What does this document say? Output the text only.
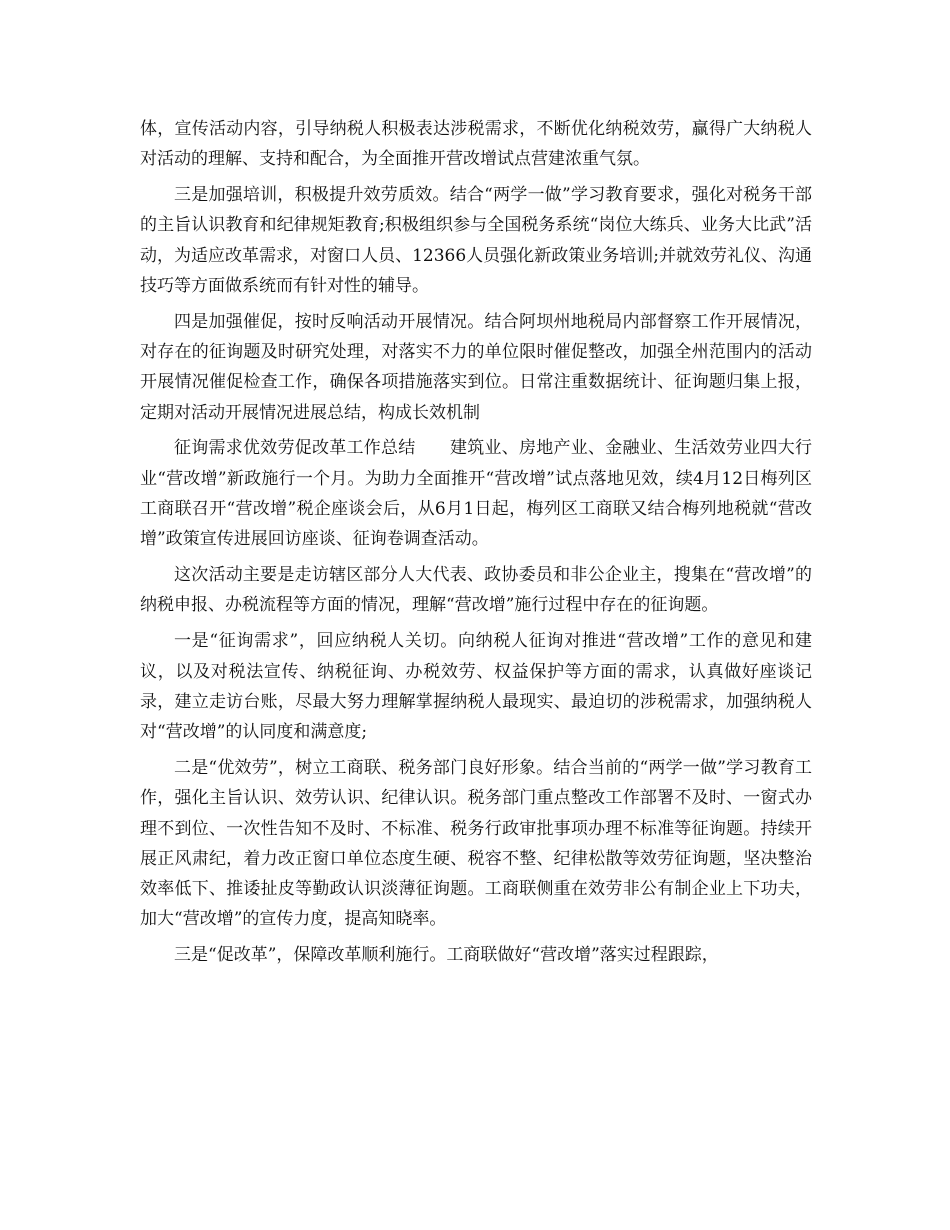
体，宣传活动内容，引导纳税人积极表达涉税需求，不断优化纳税效劳，赢得广大纳税人对活动的理解、支持和配合，为全面推开营改增试点营建浓重气氛。

三是加强培训，积极提升效劳质效。结合“两学一做”学习教育要求，强化对税务干部的主旨认识教育和纪律规矩教育;积极组织参与全国税务系统“岗位大练兵、业务大比武”活动，为适应改革需求，对窗口人员、12366人员强化新政策业务培训;并就效劳礼仪、沟通技巧等方面做系统而有针对性的辅导。

四是加强催促，按时反响活动开展情况。结合阿坝州地税局内部督察工作开展情况，对存在的征询题及时研究处理，对落实不力的单位限时催促整改，加强全州范围内的活动开展情况催促检查工作，确保各项措施落实到位。日常注重数据统计、征询题归集上报，定期对活动开展情况进展总结，构成长效机制

征询需求优效劳促改革工作总结　　建筑业、房地产业、金融业、生活效劳业四大行业“营改增”新政施行一个月。为助力全面推开“营改增”试点落地见效，续4月12日梅列区工商联召开“营改增”税企座谈会后，从6月1日起，梅列区工商联又结合梅列地税就“营改增”政策宣传进展回访座谈、征询卷调查活动。

这次活动主要是走访辖区部分人大代表、政协委员和非公企业主，搜集在“营改增”的纳税申报、办税流程等方面的情况，理解“营改增”施行过程中存在的征询题。

一是“征询需求”，回应纳税人关切。向纳税人征询对推进“营改增”工作的意见和建议，以及对税法宣传、纳税征询、办税效劳、权益保护等方面的需求，认真做好座谈记录，建立走访台账，尽最大努力理解掌握纳税人最现实、最迫切的涉税需求，加强纳税人对“营改增”的认同度和满意度;

二是“优效劳”，树立工商联、税务部门良好形象。结合当前的“两学一做”学习教育工作，强化主旨认识、效劳认识、纪律认识。税务部门重点整改工作部署不及时、一窗式办理不到位、一次性告知不及时、不标准、税务行政审批事项办理不标准等征询题。持续开展正风肃纪，着力改正窗口单位态度生硬、税容不整、纪律松散等效劳征询题，坚决整治效率低下、推诿扯皮等勤政认识淡薄征询题。工商联侧重在效劳非公有制企业上下功夫，加大“营改增”的宣传力度，提高知晓率。

三是“促改革”，保障改革顺利施行。工商联做好“营改增”落实过程跟踪，
